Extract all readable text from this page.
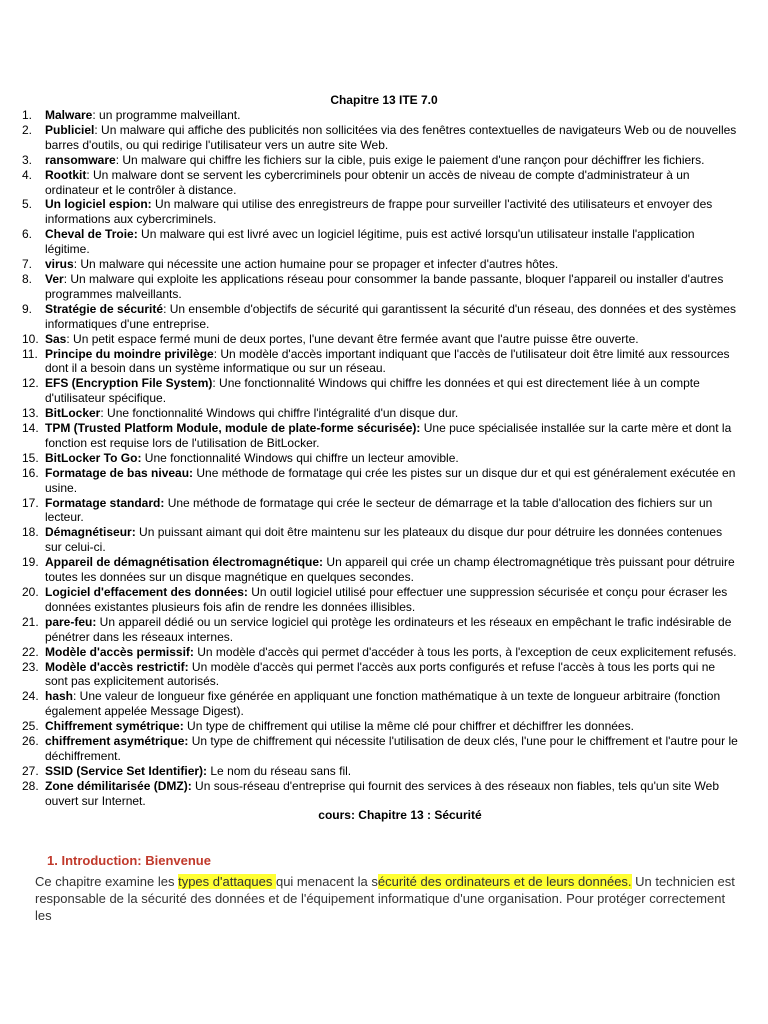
Chapitre 13 ITE 7.0
1. Malware: un programme malveillant.
2. Publiciel: Un malware qui affiche des publicités non sollicitées via des fenêtres contextuelles de navigateurs Web ou de nouvelles barres d'outils, ou qui redirige l'utilisateur vers un autre site Web.
3. ransomware: Un malware qui chiffre les fichiers sur la cible, puis exige le paiement d'une rançon pour déchiffrer les fichiers.
4. Rootkit: Un malware dont se servent les cybercriminels pour obtenir un accès de niveau de compte d'administrateur à un ordinateur et le contrôler à distance.
5. Un logiciel espion: Un malware qui utilise des enregistreurs de frappe pour surveiller l'activité des utilisateurs et envoyer des informations aux cybercriminels.
6. Cheval de Troie: Un malware qui est livré avec un logiciel légitime, puis est activé lorsqu'un utilisateur installe l'application légitime.
7. virus: Un malware qui nécessite une action humaine pour se propager et infecter d'autres hôtes.
8. Ver: Un malware qui exploite les applications réseau pour consommer la bande passante, bloquer l'appareil ou installer d'autres programmes malveillants.
9. Stratégie de sécurité: Un ensemble d'objectifs de sécurité qui garantissent la sécurité d'un réseau, des données et des systèmes informatiques d'une entreprise.
10. Sas: Un petit espace fermé muni de deux portes, l'une devant être fermée avant que l'autre puisse être ouverte.
11. Principe du moindre privilège: Un modèle d'accès important indiquant que l'accès de l'utilisateur doit être limité aux ressources dont il a besoin dans un système informatique ou sur un réseau.
12. EFS (Encryption File System): Une fonctionnalité Windows qui chiffre les données et qui est directement liée à un compte d'utilisateur spécifique.
13. BitLocker: Une fonctionnalité Windows qui chiffre l'intégralité d'un disque dur.
14. TPM (Trusted Platform Module, module de plate-forme sécurisée): Une puce spécialisée installée sur la carte mère et dont la fonction est requise lors de l'utilisation de BitLocker.
15. BitLocker To Go: Une fonctionnalité Windows qui chiffre un lecteur amovible.
16. Formatage de bas niveau: Une méthode de formatage qui crée les pistes sur un disque dur et qui est généralement exécutée en usine.
17. Formatage standard: Une méthode de formatage qui crée le secteur de démarrage et la table d'allocation des fichiers sur un lecteur.
18. Démagnétiseur: Un puissant aimant qui doit être maintenu sur les plateaux du disque dur pour détruire les données contenues sur celui-ci.
19. Appareil de démagnétisation électromagnétique: Un appareil qui crée un champ électromagnétique très puissant pour détruire toutes les données sur un disque magnétique en quelques secondes.
20. Logiciel d'effacement des données: Un outil logiciel utilisé pour effectuer une suppression sécurisée et conçu pour écraser les données existantes plusieurs fois afin de rendre les données illisibles.
21. pare-feu: Un appareil dédié ou un service logiciel qui protège les ordinateurs et les réseaux en empêchant le trafic indésirable de pénétrer dans les réseaux internes.
22. Modèle d'accès permissif: Un modèle d'accès qui permet d'accéder à tous les ports, à l'exception de ceux explicitement refusés.
23. Modèle d'accès restrictif: Un modèle d'accès qui permet l'accès aux ports configurés et refuse l'accès à tous les ports qui ne sont pas explicitement autorisés.
24. hash: Une valeur de longueur fixe générée en appliquant une fonction mathématique à un texte de longueur arbitraire (fonction également appelée Message Digest).
25. Chiffrement symétrique: Un type de chiffrement qui utilise la même clé pour chiffrer et déchiffrer les données.
26. chiffrement asymétrique: Un type de chiffrement qui nécessite l'utilisation de deux clés, l'une pour le chiffrement et l'autre pour le déchiffrement.
27. SSID (Service Set Identifier): Le nom du réseau sans fil.
28. Zone démilitarisée (DMZ): Un sous-réseau d'entreprise qui fournit des services à des réseaux non fiables, tels qu'un site Web ouvert sur Internet.
cours: Chapitre 13 : Sécurité
1. Introduction: Bienvenue
Ce chapitre examine les types d'attaques qui menacent la sécurité des ordinateurs et de leurs données. Un technicien est responsable de la sécurité des données et de l'équipement informatique d'une organisation. Pour protéger correctement les
